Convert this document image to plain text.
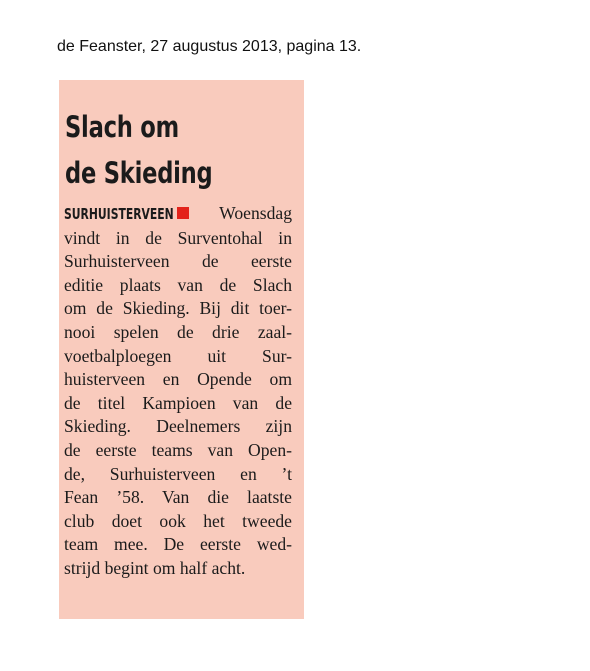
de Feanster, 27 augustus 2013, pagina 13.
Slach om
de Skieding
SURHUISTERVEEN	Woensdag
vindt in de Surventohal in
Surhuisterveen de eerste
editie plaats van de Slach
om de Skieding. Bij dit toer-
nooi spelen de drie zaal-
voetbalploegen uit Sur-
huisterveen en Opende om
de titel Kampioen van de
Skieding. Deelnemers zijn
de eerste teams van Open-
de, Surhuisterveen en ’t
Fean ’58. Van die laatste
club doet ook het tweede
team mee. De eerste wed-
strijd begint om half acht.
